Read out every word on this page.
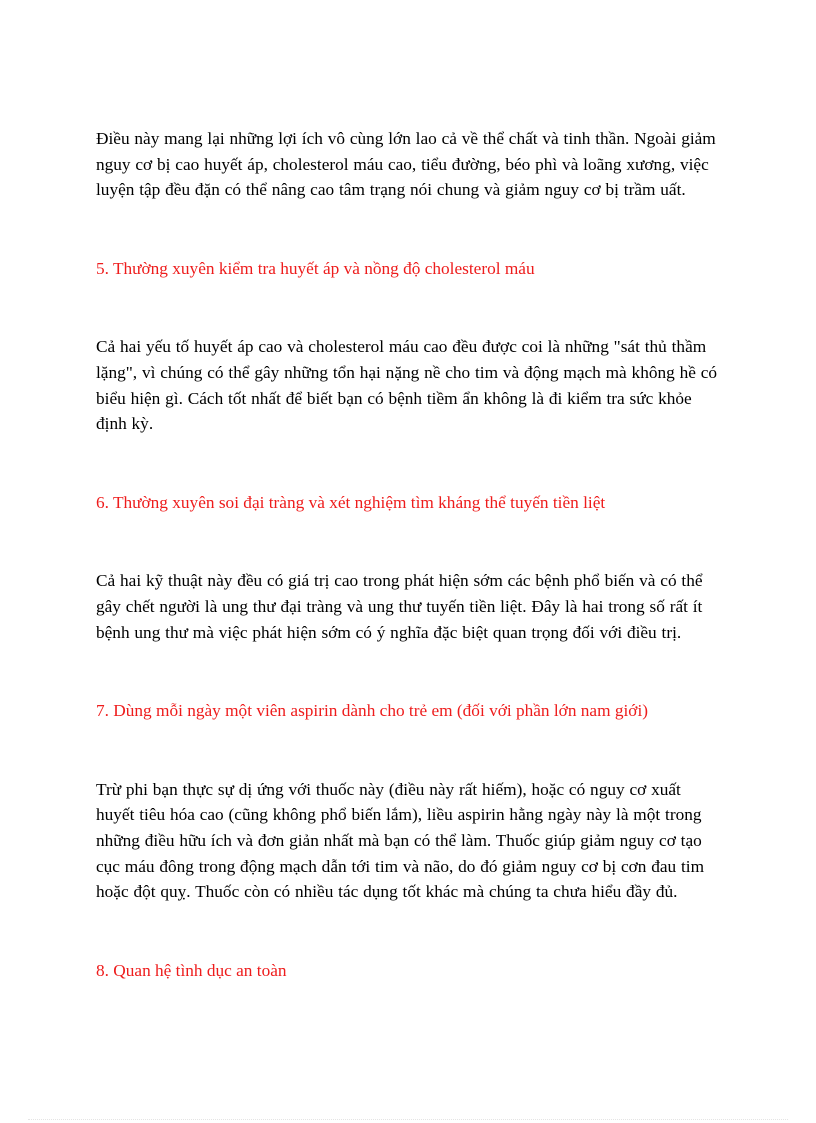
Điều này mang lại những lợi ích vô cùng lớn lao cả về thể chất và tinh thần. Ngoài giảm nguy cơ bị cao huyết áp, cholesterol máu cao, tiểu đường, béo phì và loãng xương, việc luyện tập đều đặn có thể nâng cao tâm trạng nói chung và giảm nguy cơ bị trầm uất.

5. Thường xuyên kiểm tra huyết áp và nồng độ cholesterol máu

Cả hai yếu tố huyết áp cao và cholesterol máu cao đều được coi là những "sát thủ thầm lặng", vì chúng có thể gây những tổn hại nặng nề cho tim và động mạch mà không hề có biểu hiện gì. Cách tốt nhất để biết bạn có bệnh tiềm ẩn không là đi kiểm tra sức khỏe định kỳ.

6. Thường xuyên soi đại tràng và xét nghiệm tìm kháng thể tuyến tiền liệt

Cả hai kỹ thuật này đều có giá trị cao trong phát hiện sớm các bệnh phổ biến và có thể gây chết người là ung thư đại tràng và ung thư tuyến tiền liệt. Đây là hai trong số rất ít bệnh ung thư mà việc phát hiện sớm có ý nghĩa đặc biệt quan trọng đối với điều trị.

7. Dùng mỗi ngày một viên aspirin dành cho trẻ em (đối với phần lớn nam giới)

Trừ phi bạn thực sự dị ứng với thuốc này (điều này rất hiếm), hoặc có nguy cơ xuất huyết tiêu hóa cao (cũng không phổ biến lắm), liều aspirin hằng ngày này là một trong những điều hữu ích và đơn giản nhất mà bạn có thể làm. Thuốc giúp giảm nguy cơ tạo cục máu đông trong động mạch dẫn tới tim và não, do đó giảm nguy cơ bị cơn đau tim hoặc đột quỵ. Thuốc còn có nhiều tác dụng tốt khác mà chúng ta chưa hiểu đầy đủ.

8. Quan hệ tình dục an toàn
